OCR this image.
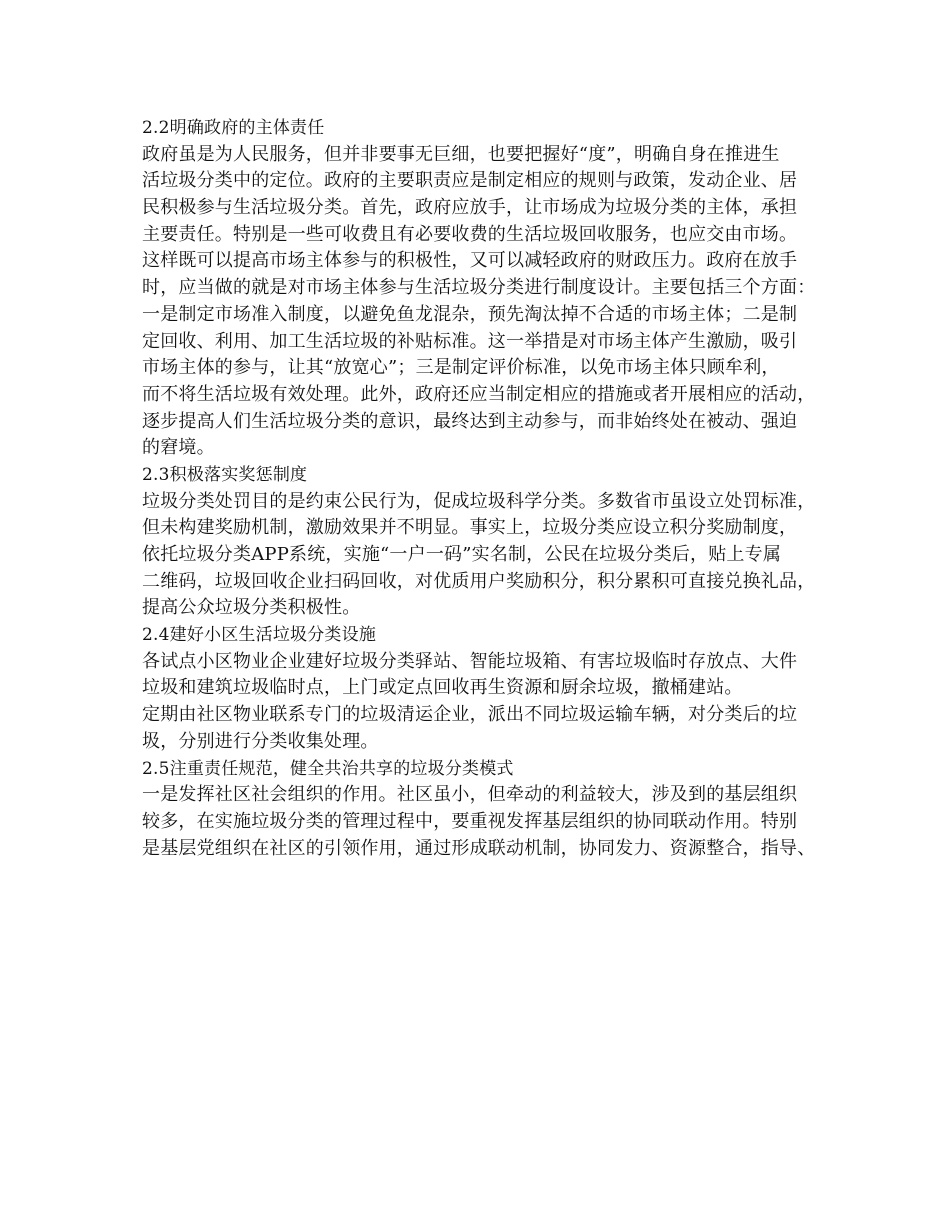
2.2明确政府的主体责任
政府虽是为人民服务，但并非要事无巨细，也要把握好“度”，明确自身在推进生
活垃圾分类中的定位。政府的主要职责应是制定相应的规则与政策，发动企业、居
民积极参与生活垃圾分类。首先，政府应放手，让市场成为垃圾分类的主体，承担
主要责任。特别是一些可收费且有必要收费的生活垃圾回收服务，也应交由市场。
这样既可以提高市场主体参与的积极性，又可以减轻政府的财政压力。政府在放手
时，应当做的就是对市场主体参与生活垃圾分类进行制度设计。主要包括三个方面：
一是制定市场准入制度，以避免鱼龙混杂，预先淘汰掉不合适的市场主体；二是制
定回收、利用、加工生活垃圾的补贴标准。这一举措是对市场主体产生激励，吸引
市场主体的参与，让其“放宽心”；三是制定评价标准，以免市场主体只顾牟利，
而不将生活垃圾有效处理。此外，政府还应当制定相应的措施或者开展相应的活动，
逐步提高人们生活垃圾分类的意识，最终达到主动参与，而非始终处在被动、强迫
的窘境。
2.3积极落实奖惩制度
垃圾分类处罚目的是约束公民行为，促成垃圾科学分类。多数省市虽设立处罚标准，
但未构建奖励机制，激励效果并不明显。事实上，垃圾分类应设立积分奖励制度，
依托垃圾分类APP系统，实施“一户一码”实名制，公民在垃圾分类后，贴上专属
二维码，垃圾回收企业扫码回收，对优质用户奖励积分，积分累积可直接兑换礼品，
提高公众垃圾分类积极性。
2.4建好小区生活垃圾分类设施
各试点小区物业企业建好垃圾分类驿站、智能垃圾箱、有害垃圾临时存放点、大件
垃圾和建筑垃圾临时点，上门或定点回收再生资源和厨余垃圾，撤桶建站。
定期由社区物业联系专门的垃圾清运企业，派出不同垃圾运输车辆，对分类后的垃
圾，分别进行分类收集处理。
2.5注重责任规范，健全共治共享的垃圾分类模式
一是发挥社区社会组织的作用。社区虽小，但牵动的利益较大，涉及到的基层组织
较多，在实施垃圾分类的管理过程中，要重视发挥基层组织的协同联动作用。特别
是基层党组织在社区的引领作用，通过形成联动机制，协同发力、资源整合，指导、
